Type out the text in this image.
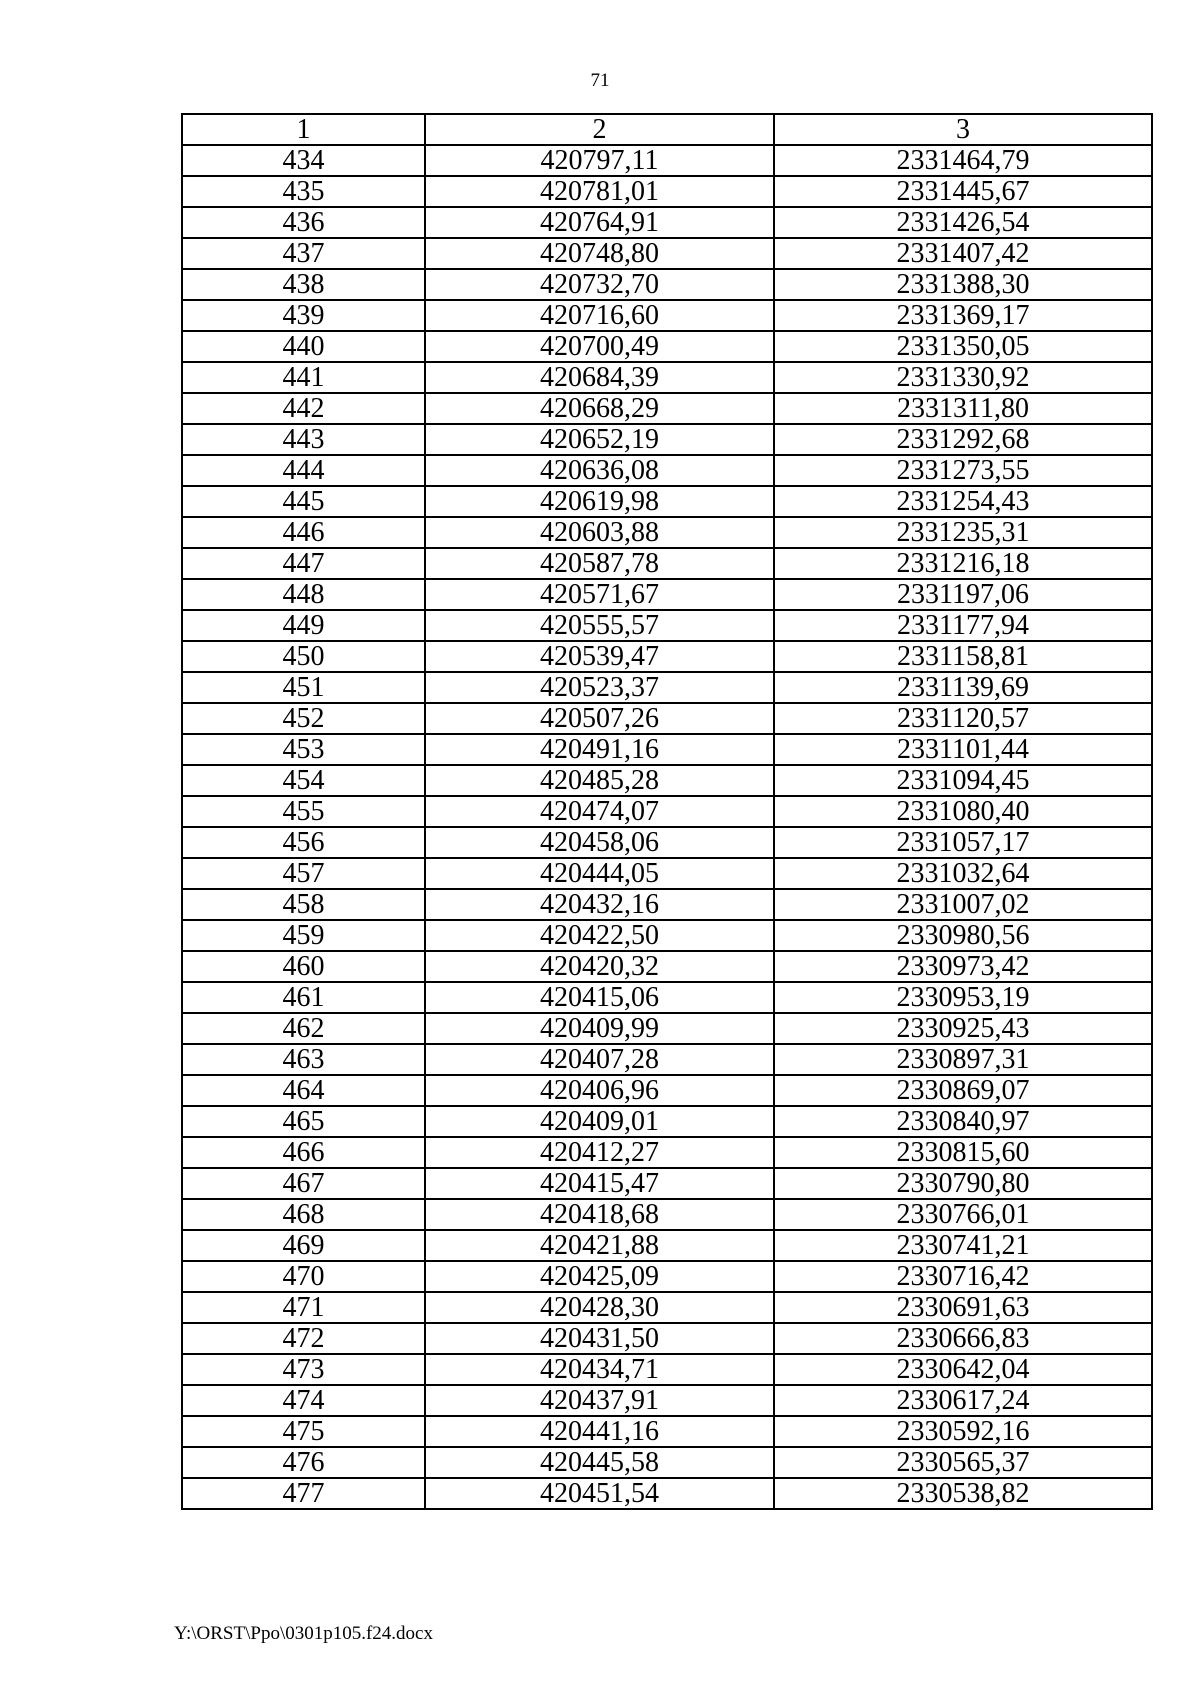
71
1	2	3
434	420797,11	2331464,79
435	420781,01	2331445,67
436	420764,91	2331426,54
437	420748,80	2331407,42
438	420732,70	2331388,30
439	420716,60	2331369,17
440	420700,49	2331350,05
441	420684,39	2331330,92
442	420668,29	2331311,80
443	420652,19	2331292,68
444	420636,08	2331273,55
445	420619,98	2331254,43
446	420603,88	2331235,31
447	420587,78	2331216,18
448	420571,67	2331197,06
449	420555,57	2331177,94
450	420539,47	2331158,81
451	420523,37	2331139,69
452	420507,26	2331120,57
453	420491,16	2331101,44
454	420485,28	2331094,45
455	420474,07	2331080,40
456	420458,06	2331057,17
457	420444,05	2331032,64
458	420432,16	2331007,02
459	420422,50	2330980,56
460	420420,32	2330973,42
461	420415,06	2330953,19
462	420409,99	2330925,43
463	420407,28	2330897,31
464	420406,96	2330869,07
465	420409,01	2330840,97
466	420412,27	2330815,60
467	420415,47	2330790,80
468	420418,68	2330766,01
469	420421,88	2330741,21
470	420425,09	2330716,42
471	420428,30	2330691,63
472	420431,50	2330666,83
473	420434,71	2330642,04
474	420437,91	2330617,24
475	420441,16	2330592,16
476	420445,58	2330565,37
477	420451,54	2330538,82
Y:\ORST\Ppo\0301p105.f24.docx
